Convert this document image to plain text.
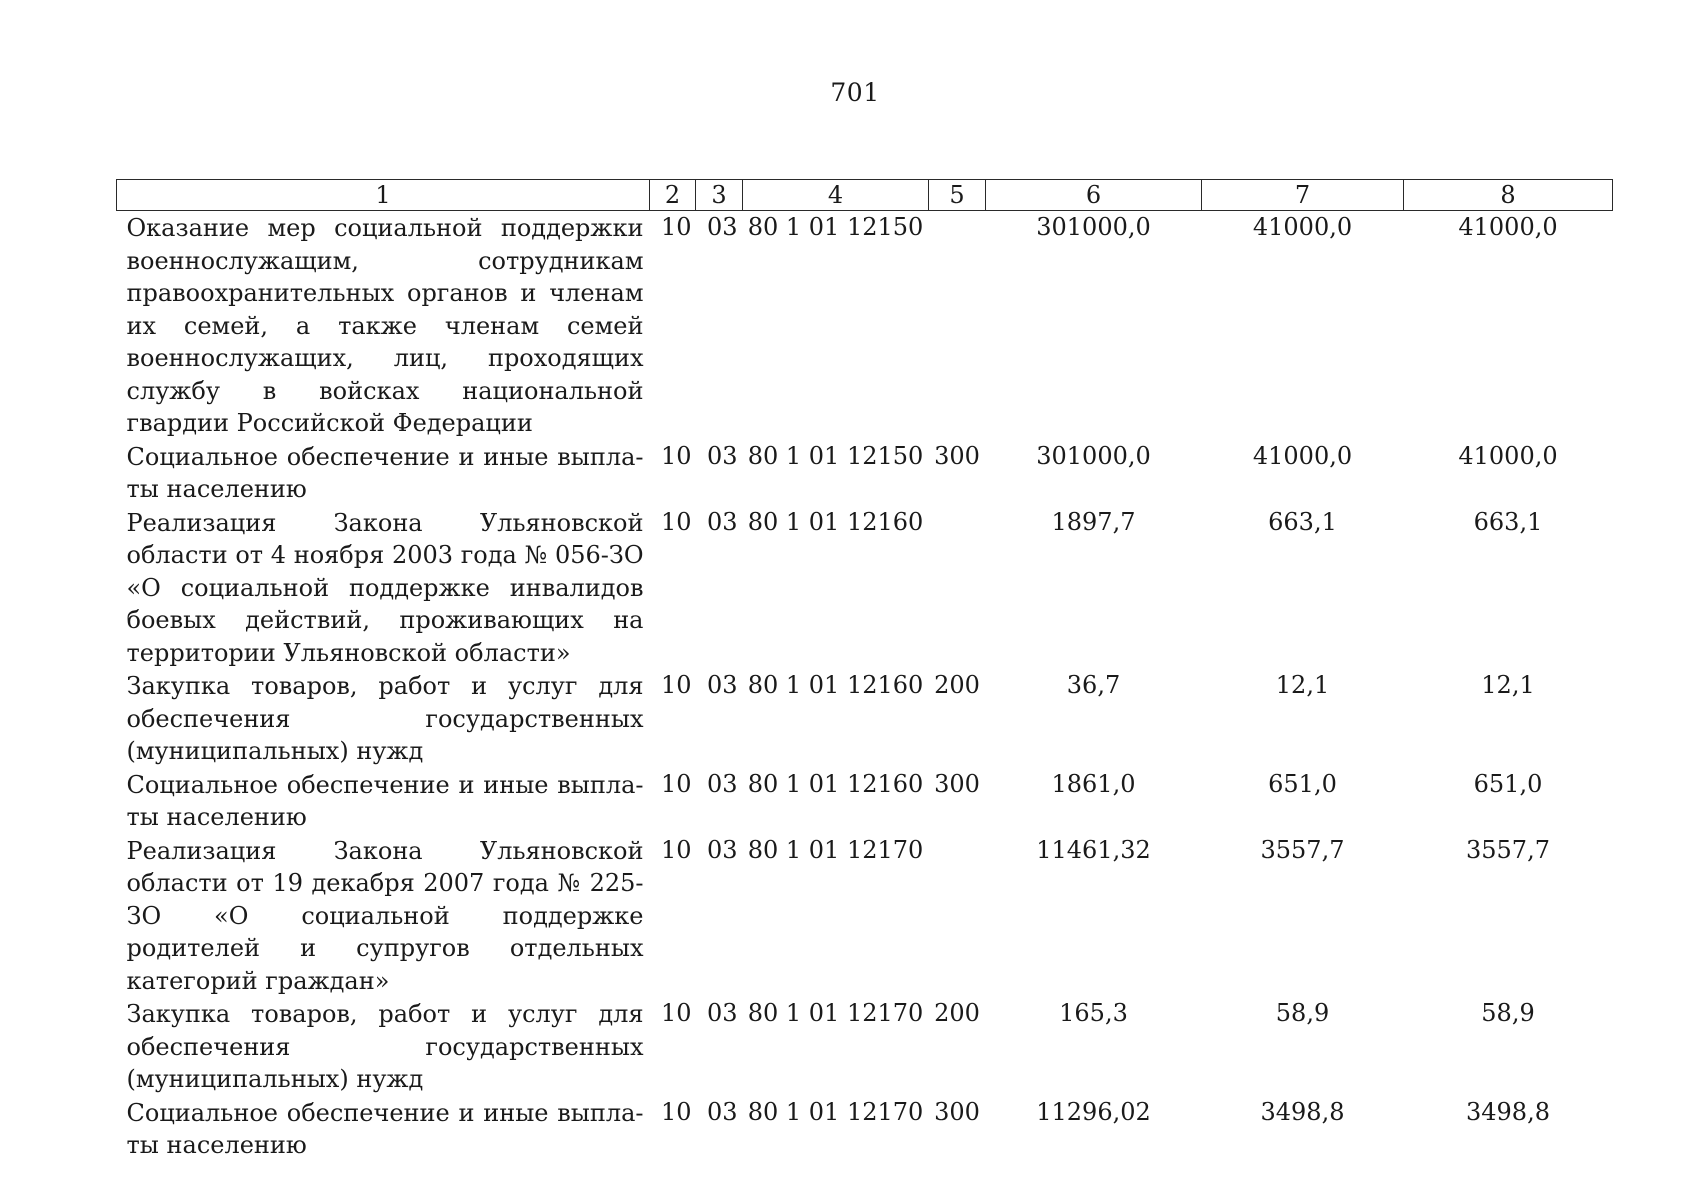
701
1	2	3	4	5	6	7	8
Оказание мер социальной поддержки военнослужащим, сотрудникам правоохранительных органов и членам их семей, а также членам семей военнослужащих, лиц, проходящих службу в войсках национальной гвардии Российской Федерации	10	03	80 1 01 12150		301000,0	41000,0	41000,0
Социальное обеспечение и иные выплаты населению	10	03	80 1 01 12150	300	301000,0	41000,0	41000,0
Реализация Закона Ульяновской области от 4 ноября 2003 года № 056-ЗО «О социальной поддержке инвалидов боевых действий, проживающих на территории Ульяновской области»	10	03	80 1 01 12160		1897,7	663,1	663,1
Закупка товаров, работ и услуг для обеспечения государственных (муниципальных) нужд	10	03	80 1 01 12160	200	36,7	12,1	12,1
Социальное обеспечение и иные выплаты населению	10	03	80 1 01 12160	300	1861,0	651,0	651,0
Реализация Закона Ульяновской области от 19 декабря 2007 года № 225-ЗО «О социальной поддержке родителей и супругов отдельных категорий граждан»	10	03	80 1 01 12170		11461,32	3557,7	3557,7
Закупка товаров, работ и услуг для обеспечения государственных (муниципальных) нужд	10	03	80 1 01 12170	200	165,3	58,9	58,9
Социальное обеспечение и иные выплаты населению	10	03	80 1 01 12170	300	11296,02	3498,8	3498,8
